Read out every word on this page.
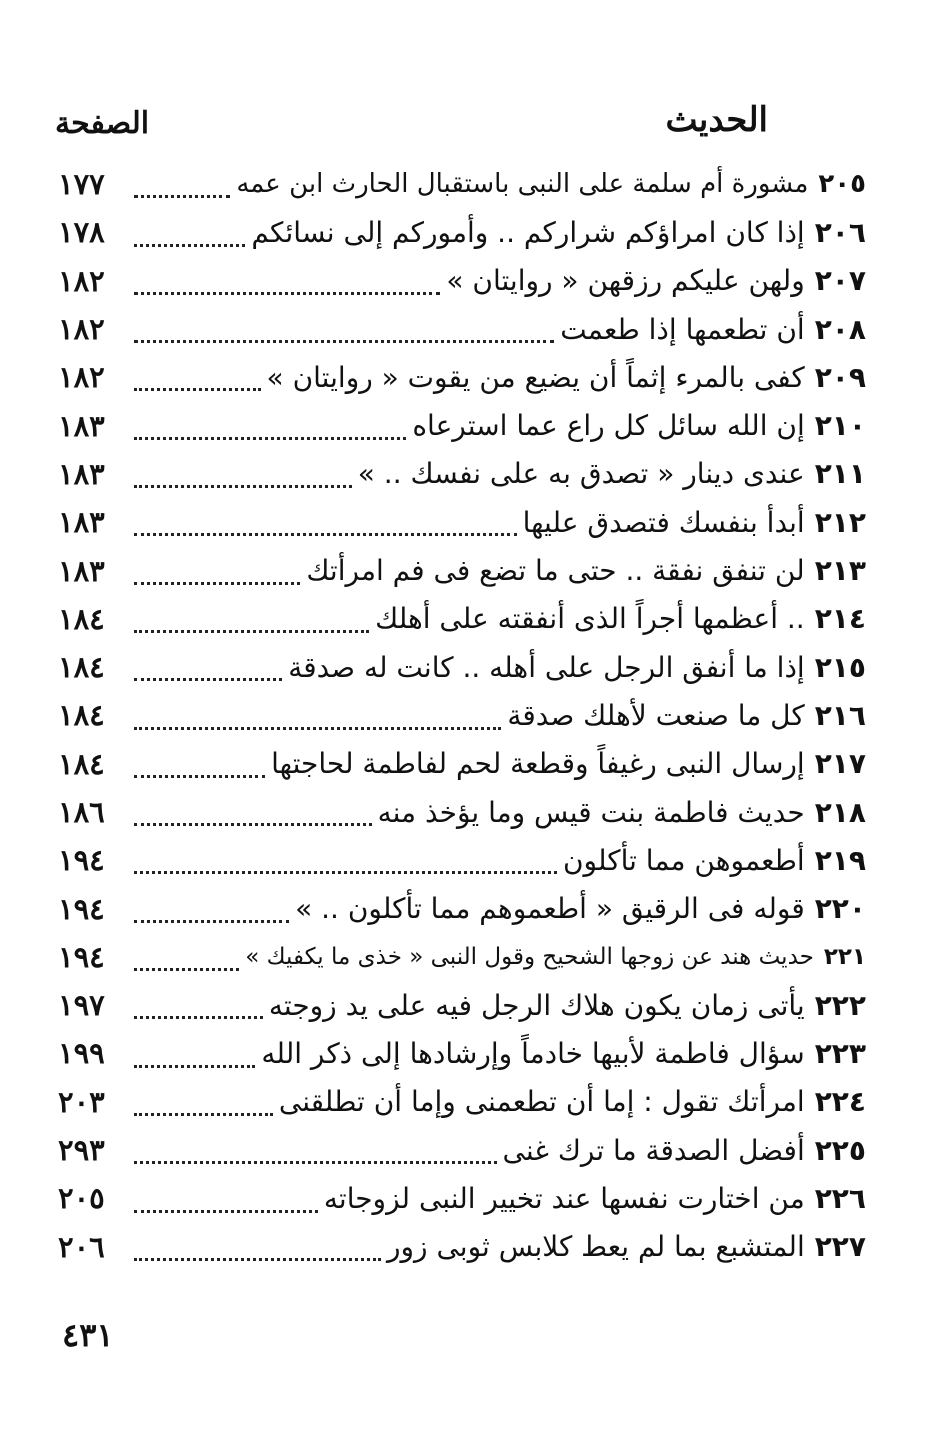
الحديث
الصفحة
١٧٧	٢٠٥مشورة أم سلمة على النبى باستقبال الحارث ابن عمه
١٧٨	٢٠٦إذا كان امراؤكم شراركم .. وأموركم إلى نسائكم
١٨٢	٢٠٧ولهن عليكم رزقهن « روايتان »
١٨٢	٢٠٨أن تطعمها إذا طعمت
١٨٢	٢٠٩كفى بالمرء إثماً أن يضيع من يقوت « روايتان »
١٨٣	٢١٠إن الله سائل كل راع عما استرعاه
١٨٣	٢١١عندى دينار « تصدق به على نفسك .. »
١٨٣	٢١٢أبدأ بنفسك فتصدق عليها
١٨٣	٢١٣لن تنفق نفقة .. حتى ما تضع فى فم امرأتك
١٨٤	٢١٤.. أعظمها أجراً الذى أنفقته على أهلك
١٨٤	٢١٥إذا ما أنفق الرجل على أهله .. كانت له صدقة
١٨٤	٢١٦كل ما صنعت لأهلك صدقة
١٨٤	٢١٧إرسال النبى رغيفاً وقطعة لحم لفاطمة لحاجتها
١٨٦	٢١٨حديث فاطمة بنت قيس وما يؤخذ منه
١٩٤	٢١٩أطعموهن مما تأكلون
١٩٤	٢٢٠قوله فى الرقيق « أطعموهم مما تأكلون .. »
١٩٤	٢٢١حديث هند عن زوجها الشحيح وقول النبى « خذى ما يكفيك »
١٩٧	٢٢٢يأتى زمان يكون هلاك الرجل فيه على يد زوجته
١٩٩	٢٢٣سؤال فاطمة لأبيها خادماً وإرشادها إلى ذكر الله
٢٠٣	٢٢٤امرأتك تقول : إما أن تطعمنى وإما أن تطلقنى
٢٩٣	٢٢٥أفضل الصدقة ما ترك غنى
٢٠٥	٢٢٦من اختارت نفسها عند تخيير النبى لزوجاته
٢٠٦	٢٢٧المتشبع بما لم يعط كلابس ثوبى زور
٤٣١
